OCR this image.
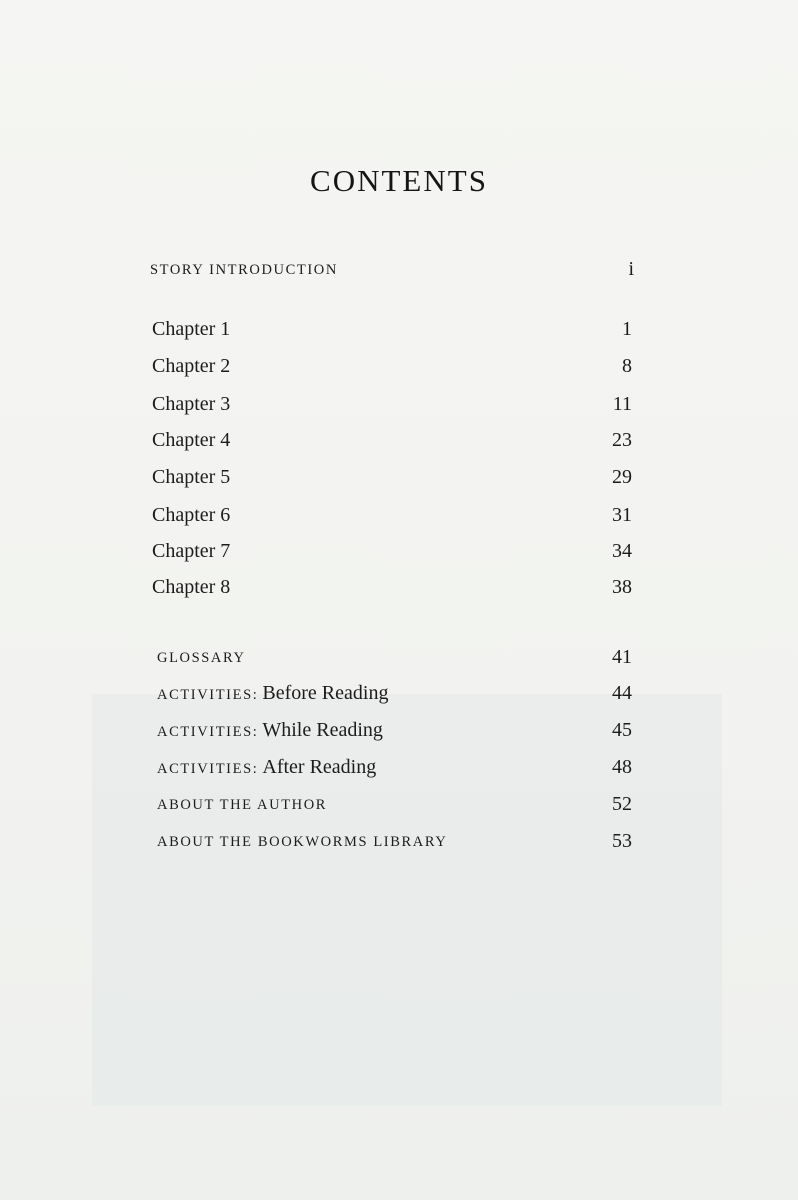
CONTENTS
STORY INTRODUCTION	i
Chapter 1	1
Chapter 2	8
Chapter 3	11
Chapter 4	23
Chapter 5	29
Chapter 6	31
Chapter 7	34
Chapter 8	38
GLOSSARY	41
ACTIVITIES: Before Reading	44
ACTIVITIES: While Reading	45
ACTIVITIES: After Reading	48
ABOUT THE AUTHOR	52
ABOUT THE BOOKWORMS LIBRARY	53
